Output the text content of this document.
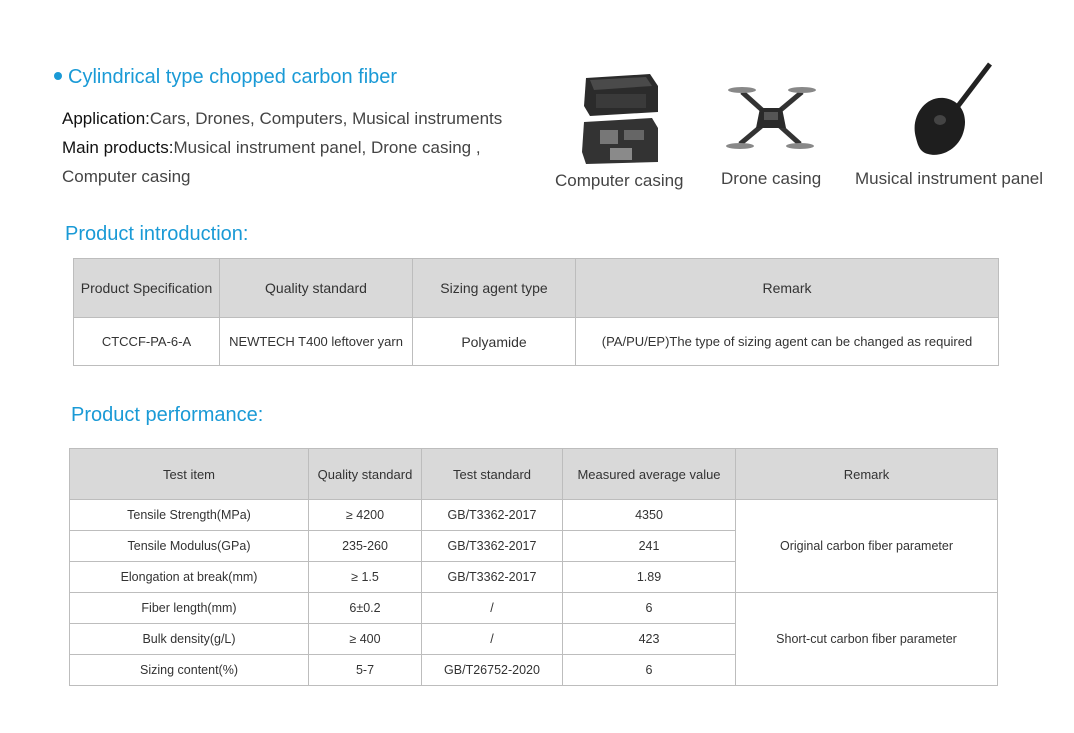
Cylindrical type chopped carbon fiber
Application:Cars, Drones, Computers, Musical instruments
Main products:Musical instrument panel, Drone casing , Computer casing	Computer casing Drone casing Musical instrument panel
Product introduction:
Product Specification	Quality standard	Sizing agent type	Remark
CTCCF-PA-6-A	NEWTECH T400 leftover yarn	Polyamide	(PA/PU/EP)The type of sizing agent can be changed as required
Product performance:
Test item	Quality standard	Test standard	Measured average value	Remark
Tensile Strength(MPa)	≥ 4200	GB/T3362-2017	4350	Original carbon fiber parameter
Tensile Modulus(GPa)	235-260	GB/T3362-2017	241	
Elongation at break(mm)	≥ 1.5	GB/T3362-2017	1.89	
Fiber length(mm)	6±0.2	/	6	Short-cut carbon fiber parameter
Bulk density(g/L)	≥ 400	/	423	
Sizing content(%)	5-7	GB/T26752-2020	6	
